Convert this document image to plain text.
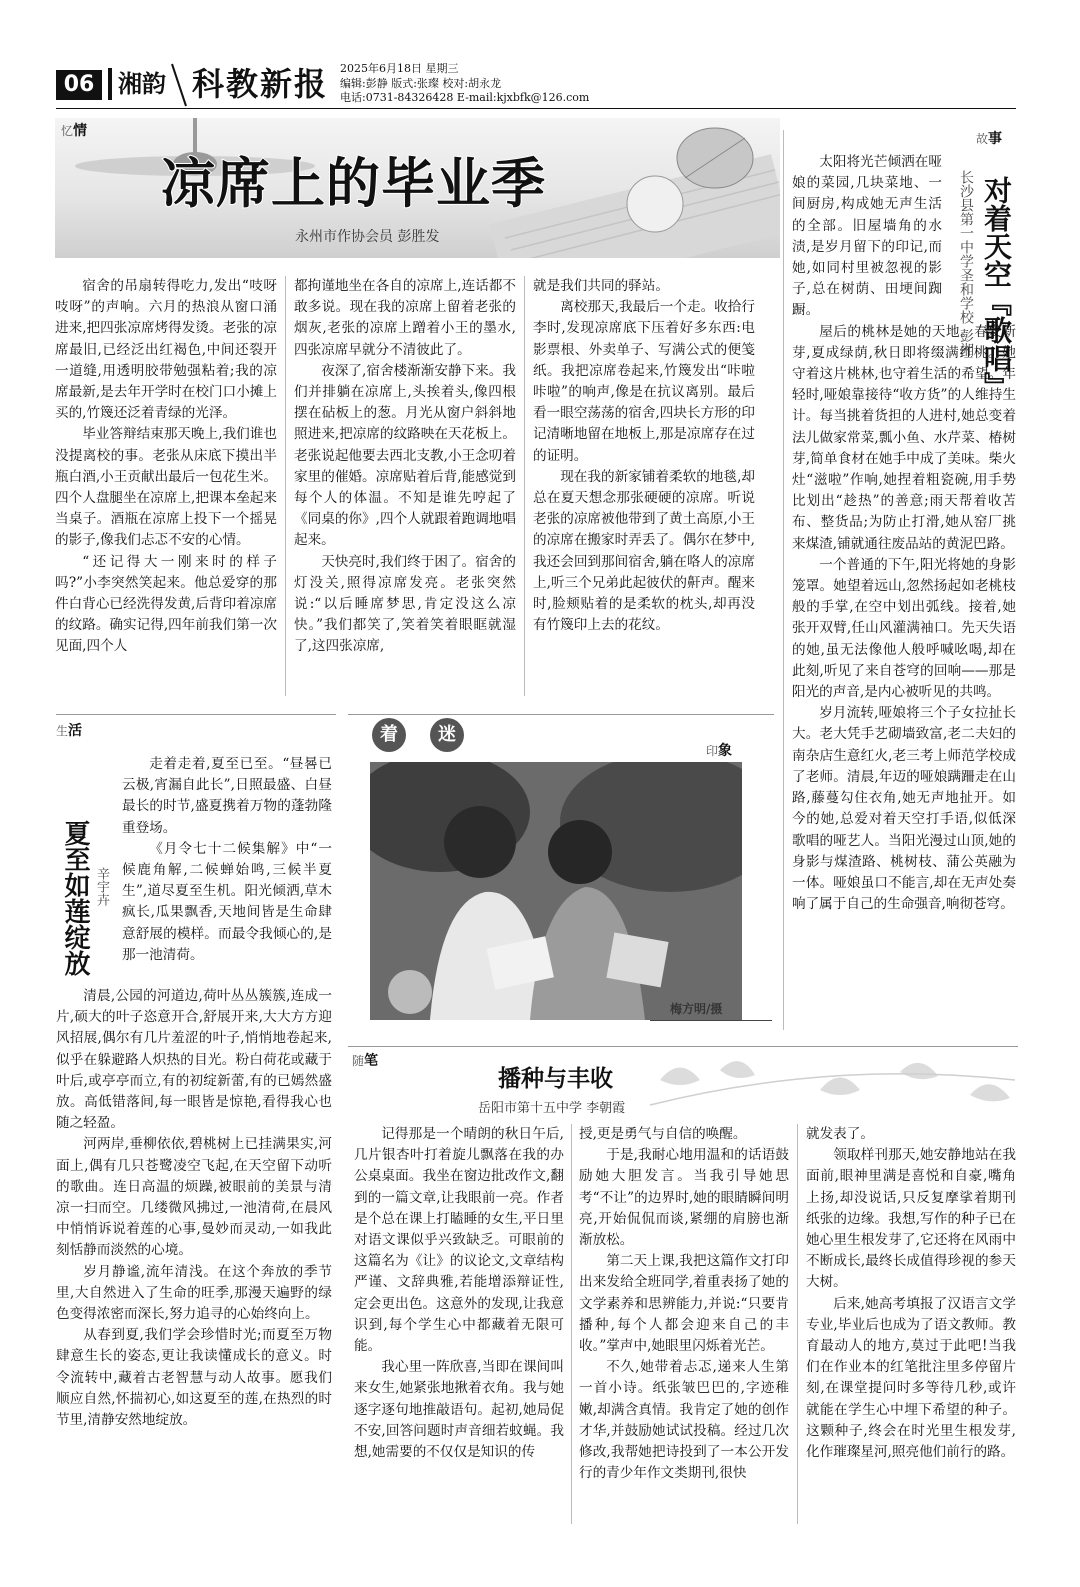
06 湘韵 科教新报 2025年6月18日 星期三
编辑:彭静 版式:张璨 校对:胡永龙
电话:0731-84326428 E-mail:kjxbfk@126.com
忆情
凉席上的毕业季
永州市作协会员 彭胜发

宿舍的吊扇转得吃力,发出“吱呀吱呀”的声响。六月的热浪从窗口涌进来,把四张凉席烤得发烫。老张的凉席最旧,已经泛出红褐色,中间还裂开一道缝,用透明胶带勉强粘着;我的凉席最新,是去年开学时在校门口小摊上买的,竹篾还泛着青绿的光泽。

毕业答辩结束那天晚上,我们谁也没提离校的事。老张从床底下摸出半瓶白酒,小王贡献出最后一包花生米。四个人盘腿坐在凉席上,把课本垒起来当桌子。酒瓶在凉席上投下一个摇晃的影子,像我们忐忑不安的心情。

“还记得大一刚来时的样子吗?”小李突然笑起来。他总爱穿的那件白背心已经洗得发黄,后背印着凉席的纹路。确实记得,四年前我们第一次见面,四个人

都拘谨地坐在各自的凉席上,连话都不敢多说。现在我的凉席上留着老张的烟灰,老张的凉席上蹭着小王的墨水,四张凉席早就分不清彼此了。

夜深了,宿舍楼渐渐安静下来。我们并排躺在凉席上,头挨着头,像四根摆在砧板上的葱。月光从窗户斜斜地照进来,把凉席的纹路映在天花板上。老张说起他要去西北支教,小王念叨着家里的催婚。凉席贴着后背,能感觉到每个人的体温。不知是谁先哼起了《同桌的你》,四个人就跟着跑调地唱起来。

天快亮时,我们终于困了。宿舍的灯没关,照得凉席发亮。老张突然说:“以后睡席梦思,肯定没这么凉快。”我们都笑了,笑着笑着眼眶就湿了,这四张凉席,

就是我们共同的驿站。

离校那天,我最后一个走。收拾行李时,发现凉席底下压着好多东西:电影票根、外卖单子、写满公式的便笺纸。我把凉席卷起来,竹篾发出“咔啦咔啦”的响声,像是在抗议离别。最后看一眼空荡荡的宿舍,四块长方形的印记清晰地留在地板上,那是凉席存在过的证明。

现在我的新家铺着柔软的地毯,却总在夏天想念那张硬硬的凉席。听说老张的凉席被他带到了黄土高原,小王的凉席在搬家时弄丢了。偶尔在梦中,我还会回到那间宿舍,躺在咯人的凉席上,听三个兄弟此起彼伏的鼾声。醒来时,脸颊贴着的是柔软的枕头,却再没有竹篾印上去的花纹。

故事
对着天空『歌唱』
长沙县第一中学圣和学校 彭湘

太阳将光芒倾洒在哑娘的菜园,几块菜地、一间厨房,构成她无声生活的全部。旧屋墙角的水渍,是岁月留下的印记,而她,如同村里被忽视的影子,总在树荫、田埂间踟蹰。

屋后的桃林是她的天地。春发新芽,夏成绿荫,秋日即将缀满红桃。她守着这片桃林,也守着生活的希望。年轻时,哑娘靠接待“收方货”的人维持生计。每当挑着货担的人进村,她总变着法儿做家常菜,瓢小鱼、水芹菜、椿树芽,简单食材在她手中成了美味。柴火灶“滋啦”作响,她捏着粗瓷碗,用手势比划出“趁热”的善意;雨天帮着收苫布、整货品;为防止打滑,她从窑厂挑来煤渣,铺就通往废品站的黄泥巴路。

一个普通的下午,阳光将她的身影笼罩。她望着远山,忽然扬起如老桃枝般的手掌,在空中划出弧线。接着,她张开双臂,任山风灌满袖口。先天失语的她,虽无法像他人般呼喊吆喝,却在此刻,听见了来自苍穹的回响——那是阳光的声音,是内心被听见的共鸣。

岁月流转,哑娘将三个子女拉扯长大。老大凭手艺砌墙致富,老二夫妇的南杂店生意红火,老三考上师范学校成了老师。清晨,年迈的哑娘蹒跚走在山路,藤蔓勾住衣角,她无声地扯开。如今的她,总爱对着天空打手语,似低深歌唱的哑艺人。当阳光漫过山顶,她的身影与煤渣路、桃树枝、蒲公英融为一体。哑娘虽口不能言,却在无声处奏响了属于自己的生命强音,响彻苍穹。

生活
夏至如莲绽放 辛宇卉

走着走着,夏至已至。“昼晷已云极,宵漏自此长”,日照最盛、白昼最长的时节,盛夏携着万物的蓬勃隆重登场。

《月令七十二候集解》中“一候鹿角解,二候蝉始鸣,三候半夏生”,道尽夏至生机。阳光倾洒,草木疯长,瓜果飘香,天地间皆是生命肆意舒展的模样。而最令我倾心的,是那一池清荷。

清晨,公园的河道边,荷叶丛丛簇簇,连成一片,硕大的叶子恣意开合,舒展开来,大大方方迎风招展,偶尔有几片羞涩的叶子,悄悄地卷起来,似乎在躲避路人炽热的目光。粉白荷花或藏于叶后,或亭亭而立,有的初绽新蕾,有的已嫣然盛放。高低错落间,每一眼皆是惊艳,看得我心也随之轻盈。

河两岸,垂柳依依,碧桃树上已挂满果实,河面上,偶有几只苍鹭凌空飞起,在天空留下动听的歌曲。连日高温的烦躁,被眼前的美景与清凉一扫而空。几缕微风拂过,一池清荷,在晨风中悄悄诉说着莲的心事,曼妙而灵动,一如我此刻恬静而淡然的心境。

岁月静谧,流年清浅。在这个奔放的季节里,大自然进入了生命的旺季,那漫天遍野的绿色变得浓密而深长,努力追寻的心始终向上。

从春到夏,我们学会珍惜时光;而夏至万物肆意生长的姿态,更让我读懂成长的意义。时令流转中,藏着古老智慧与动人故事。愿我们顺应自然,怀揣初心,如这夏至的莲,在热烈的时节里,清静安然地绽放。

着	迷
印象
梅方明/摄
随笔
播种与丰收
岳阳市第十五中学 李朝霞

记得那是一个晴朗的秋日午后,几片银杏叶打着旋儿飘落在我的办公桌桌面。我坐在窗边批改作文,翻到的一篇文章,让我眼前一亮。作者是个总在课上打瞌睡的女生,平日里对语文课似乎兴致缺乏。可眼前的这篇名为《让》的议论文,文章结构严谨、文辞典雅,若能增添辩证性,定会更出色。这意外的发现,让我意识到,每个学生心中都藏着无限可能。

我心里一阵欣喜,当即在课间叫来女生,她紧张地揪着衣角。我与她逐字逐句地推敲语句。起初,她局促不安,回答问题时声音细若蚊蝇。我想,她需要的不仅仅是知识的传

授,更是勇气与自信的唤醒。

于是,我耐心地用温和的话语鼓励她大胆发言。当我引导她思考“不让”的边界时,她的眼睛瞬间明亮,开始侃侃而谈,紧绷的肩膀也渐渐放松。

第二天上课,我把这篇作文打印出来发给全班同学,着重表扬了她的文学素养和思辨能力,并说:“只要肯播种,每个人都会迎来自己的丰收。”掌声中,她眼里闪烁着光芒。

不久,她带着忐忑,递来人生第一首小诗。纸张皱巴巴的,字迹稚嫩,却满含真情。我肯定了她的创作才华,并鼓励她试试投稿。经过几次修改,我帮她把诗投到了一本公开发行的青少年作文类期刊,很快

就发表了。

领取样刊那天,她安静地站在我面前,眼神里满是喜悦和自豪,嘴角上扬,却没说话,只反复摩挲着期刊纸张的边缘。我想,写作的种子已在她心里生根发芽了,它还将在风雨中不断成长,最终长成值得珍视的参天大树。

后来,她高考填报了汉语言文学专业,毕业后也成为了语文教师。教育最动人的地方,莫过于此吧!当我们在作业本的红笔批注里多停留片刻,在课堂提问时多等待几秒,或许就能在学生心中埋下希望的种子。这颗种子,终会在时光里生根发芽,化作璀璨星河,照亮他们前行的路。
